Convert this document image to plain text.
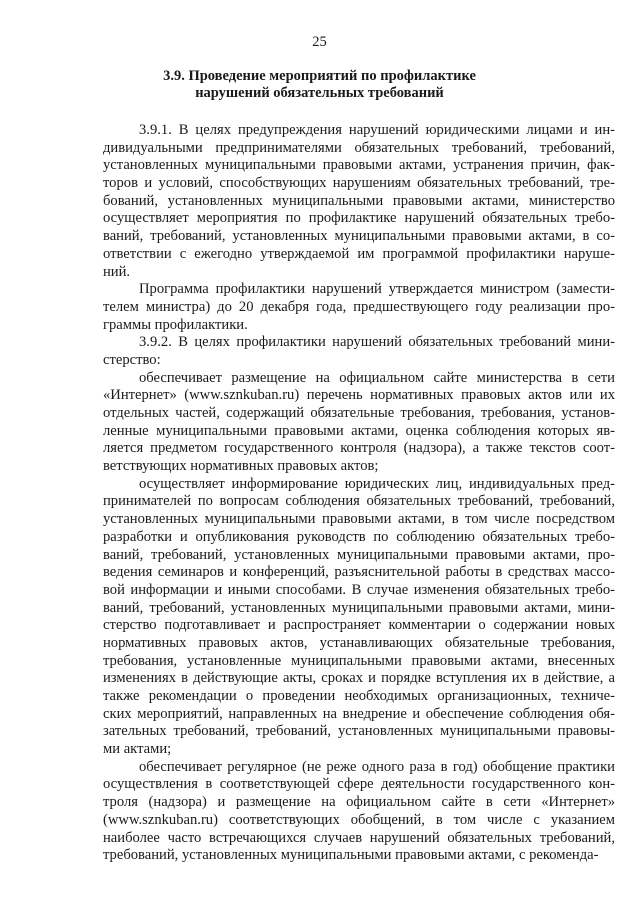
25
3.9. Проведение мероприятий по профилактике
нарушений обязательных требований
3.9.1. В целях предупреждения нарушений юридическими лицами и ин-
дивидуальными предпринимателями обязательных требований, требований,
установленных муниципальными правовыми актами, устранения причин, фак-
торов и условий, способствующих нарушениям обязательных требований, тре-
бований, установленных муниципальными правовыми актами, министерство
осуществляет мероприятия по профилактике нарушений обязательных требо-
ваний, требований, установленных муниципальными правовыми актами, в со-
ответствии с ежегодно утверждаемой им программой профилактики наруше-
ний.
Программа профилактики нарушений утверждается министром (замести-
телем министра) до 20 декабря года, предшествующего году реализации про-
граммы профилактики.
3.9.2. В целях профилактики нарушений обязательных требований мини-
стерство:
обеспечивает размещение на официальном сайте министерства в сети
«Интернет» (www.sznkuban.ru) перечень нормативных правовых актов или их
отдельных частей, содержащий обязательные требования, требования, установ-
ленные муниципальными правовыми актами, оценка соблюдения которых яв-
ляется предметом государственного контроля (надзора), а также текстов соот-
ветствующих нормативных правовых актов;
осуществляет информирование юридических лиц, индивидуальных пред-
принимателей по вопросам соблюдения обязательных требований, требований,
установленных муниципальными правовыми актами, в том числе посредством
разработки и опубликования руководств по соблюдению обязательных требо-
ваний, требований, установленных муниципальными правовыми актами, про-
ведения семинаров и конференций, разъяснительной работы в средствах массо-
вой информации и иными способами. В случае изменения обязательных требо-
ваний, требований, установленных муниципальными правовыми актами, мини-
стерство подготавливает и распространяет комментарии о содержании новых
нормативных правовых актов, устанавливающих обязательные требования,
требования, установленные муниципальными правовыми актами, внесенных
изменениях в действующие акты, сроках и порядке вступления их в действие, а
также рекомендации о проведении необходимых организационных, техниче-
ских мероприятий, направленных на внедрение и обеспечение соблюдения обя-
зательных требований, требований, установленных муниципальными правовы-
ми актами;
обеспечивает регулярное (не реже одного раза в год) обобщение практики
осуществления в соответствующей сфере деятельности государственного кон-
троля (надзора) и размещение на официальном сайте в сети «Интернет»
(www.sznkuban.ru) соответствующих обобщений, в том числе с указанием
наиболее часто встречающихся случаев нарушений обязательных требований,
требований, установленных муниципальными правовыми актами, с рекоменда-
